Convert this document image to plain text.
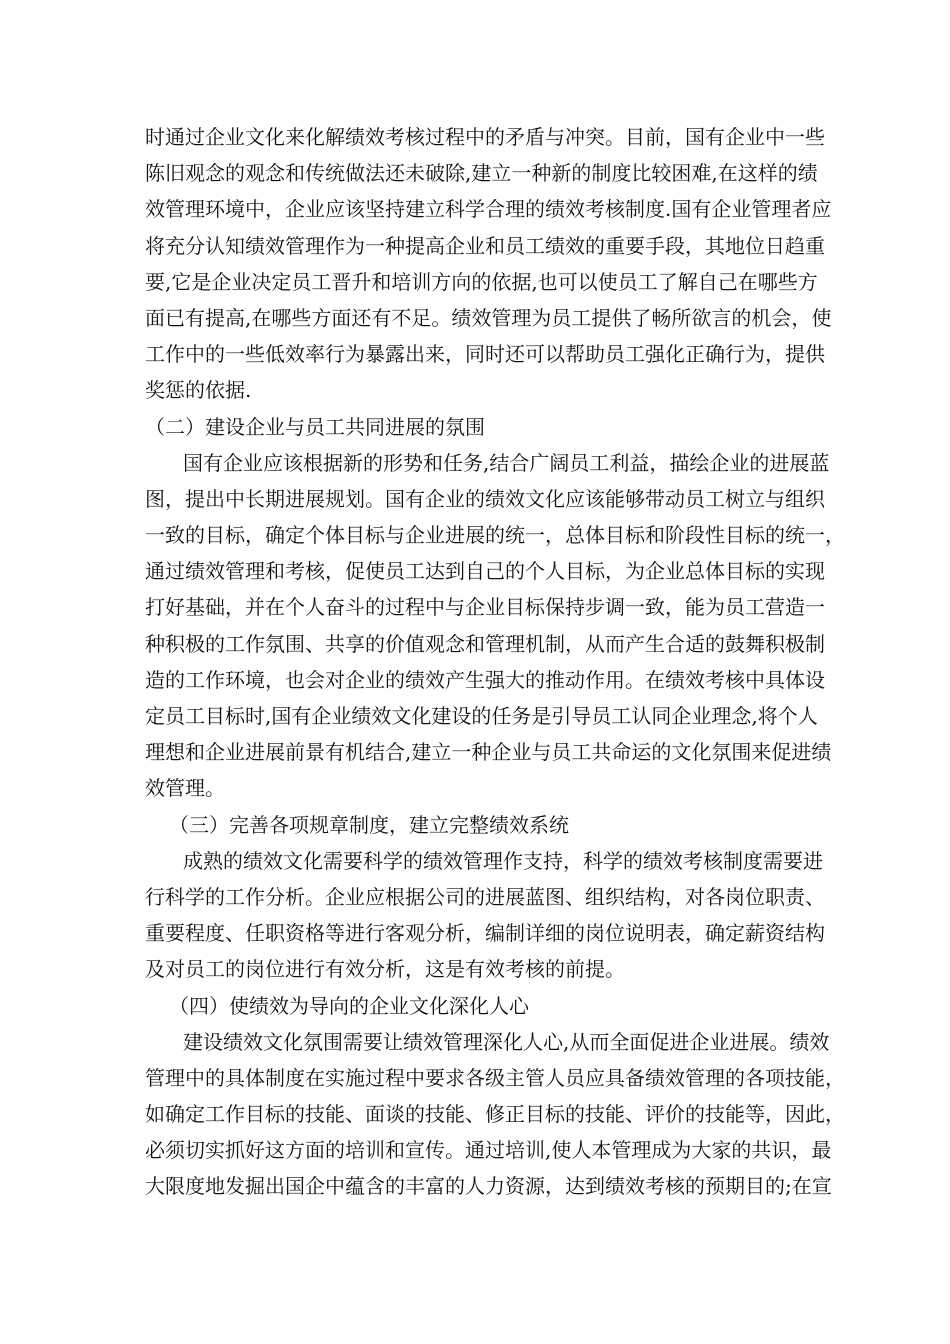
时通过企业文化来化解绩效考核过程中的矛盾与冲突。目前，国有企业中一些
陈旧观念的观念和传统做法还未破除,建立一种新的制度比较困难,在这样的绩
效管理环境中，企业应该坚持建立科学合理的绩效考核制度.国有企业管理者应
将充分认知绩效管理作为一种提高企业和员工绩效的重要手段，其地位日趋重
要,它是企业决定员工晋升和培训方向的依据,也可以使员工了解自己在哪些方
面已有提高,在哪些方面还有不足。绩效管理为员工提供了畅所欲言的机会，使
工作中的一些低效率行为暴露出来，同时还可以帮助员工强化正确行为，提供
奖惩的依据.
（二）建设企业与员工共同进展的氛围
国有企业应该根据新的形势和任务,结合广阔员工利益，描绘企业的进展蓝
图，提出中长期进展规划。国有企业的绩效文化应该能够带动员工树立与组织
一致的目标，确定个体目标与企业进展的统一，总体目标和阶段性目标的统一，
通过绩效管理和考核，促使员工达到自己的个人目标，为企业总体目标的实现
打好基础，并在个人奋斗的过程中与企业目标保持步调一致，能为员工营造一
种积极的工作氛围、共享的价值观念和管理机制，从而产生合适的鼓舞积极制
造的工作环境，也会对企业的绩效产生强大的推动作用。在绩效考核中具体设
定员工目标时,国有企业绩效文化建设的任务是引导员工认同企业理念,将个人
理想和企业进展前景有机结合,建立一种企业与员工共命运的文化氛围来促进绩
效管理。
（三）完善各项规章制度，建立完整绩效系统
成熟的绩效文化需要科学的绩效管理作支持，科学的绩效考核制度需要进
行科学的工作分析。企业应根据公司的进展蓝图、组织结构，对各岗位职责、
重要程度、任职资格等进行客观分析，编制详细的岗位说明表，确定薪资结构
及对员工的岗位进行有效分析，这是有效考核的前提。
（四）使绩效为导向的企业文化深化人心
建设绩效文化氛围需要让绩效管理深化人心,从而全面促进企业进展。绩效
管理中的具体制度在实施过程中要求各级主管人员应具备绩效管理的各项技能，
如确定工作目标的技能、面谈的技能、修正目标的技能、评价的技能等，因此，
必须切实抓好这方面的培训和宣传。通过培训,使人本管理成为大家的共识，最
大限度地发掘出国企中蕴含的丰富的人力资源，达到绩效考核的预期目的;在宣
